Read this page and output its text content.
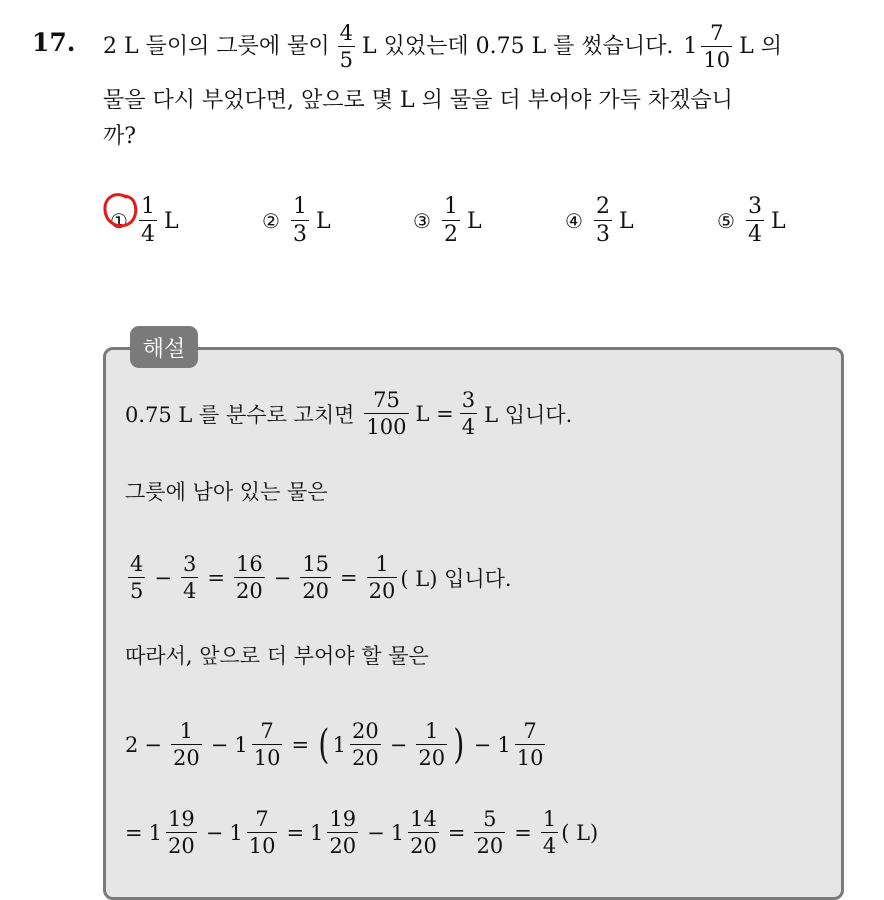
17. 2 L 들이의 그릇에 물이 $\frac{4}{5}$ L 있었는데 0.75 L 를 썼습니다. $1 \frac{7}{10}$ L 의
물을 다시 부었다면, 앞으로 몇 L 의 물을 더 부어야 가득 차겠습니
까?
① $\frac{1}{4}$ L	② $\frac{1}{3}$ L	③ $\frac{1}{2}$ L	④ $\frac{2}{3}$ L	⑤ $\frac{3}{4}$ L
해설
0.75 L 를 분수로 고치면 $\frac{75}{100}$ $L = \frac{3}{4}$ L 입니다.
그릇에 남아 있는 물은
$\frac{4}{5} - \frac{3}{4} = \frac{16}{20} - \frac{15}{20} = \frac{1}{20}$ ( L) 입니다.
따라서, 앞으로 더 부어야 할 물은
$2 - \frac{1}{20} - 1 \frac{7}{10}$ = ( $1 \frac{20}{20} - \frac{1}{20}$ ) − $1 \frac{7}{10}$
= $1 \frac{19}{20} - 1 \frac{7}{10} = 1 \frac{19}{20} - 1 \frac{14}{20} = \frac{5}{20} = \frac{1}{4}$ ( L)
